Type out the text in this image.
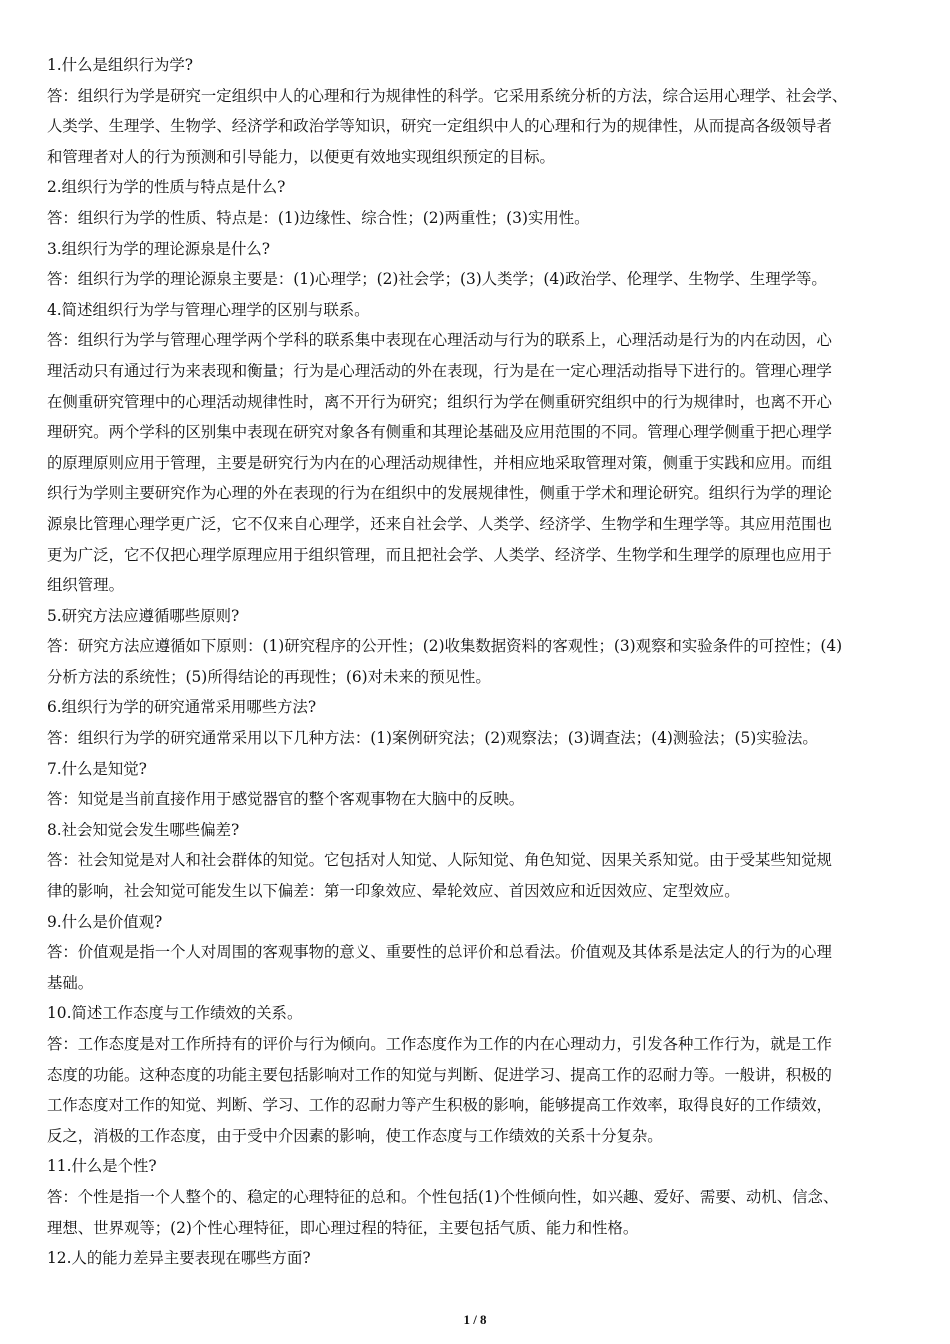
1.什么是组织行为学?

答：组织行为学是研究一定组织中人的心理和行为规律性的科学。它采用系统分析的方法，综合运用心理学、社会学、

人类学、生理学、生物学、经济学和政治学等知识，研究一定组织中人的心理和行为的规律性，从而提高各级领导者

和管理者对人的行为预测和引导能力，以便更有效地实现组织预定的目标。

2.组织行为学的性质与特点是什么?

答：组织行为学的性质、特点是：(1)边缘性、综合性；(2)两重性；(3)实用性。

3.组织行为学的理论源泉是什么?

答：组织行为学的理论源泉主要是：(1)心理学；(2)社会学；(3)人类学；(4)政治学、伦理学、生物学、生理学等。

4.简述组织行为学与管理心理学的区别与联系。

答：组织行为学与管理心理学两个学科的联系集中表现在心理活动与行为的联系上，心理活动是行为的内在动因，心

理活动只有通过行为来表现和衡量；行为是心理活动的外在表现，行为是在一定心理活动指导下进行的。管理心理学

在侧重研究管理中的心理活动规律性时，离不开行为研究；组织行为学在侧重研究组织中的行为规律时，也离不开心

理研究。两个学科的区别集中表现在研究对象各有侧重和其理论基础及应用范围的不同。管理心理学侧重于把心理学

的原理原则应用于管理，主要是研究行为内在的心理活动规律性，并相应地采取管理对策，侧重于实践和应用。而组

织行为学则主要研究作为心理的外在表现的行为在组织中的发展规律性，侧重于学术和理论研究。组织行为学的理论

源泉比管理心理学更广泛，它不仅来自心理学，还来自社会学、人类学、经济学、生物学和生理学等。其应用范围也

更为广泛，它不仅把心理学原理应用于组织管理，而且把社会学、人类学、经济学、生物学和生理学的原理也应用于

组织管理。

5.研究方法应遵循哪些原则?

答：研究方法应遵循如下原则：(1)研究程序的公开性；(2)收集数据资料的客观性；(3)观察和实验条件的可控性；(4)

分析方法的系统性；(5)所得结论的再现性；(6)对未来的预见性。

6.组织行为学的研究通常采用哪些方法?

答：组织行为学的研究通常采用以下几种方法：(1)案例研究法；(2)观察法；(3)调查法；(4)测验法；(5)实验法。

7.什么是知觉?

答：知觉是当前直接作用于感觉器官的整个客观事物在大脑中的反映。

8.社会知觉会发生哪些偏差?

答：社会知觉是对人和社会群体的知觉。它包括对人知觉、人际知觉、角色知觉、因果关系知觉。由于受某些知觉规

律的影响，社会知觉可能发生以下偏差：第一印象效应、晕轮效应、首因效应和近因效应、定型效应。

9.什么是价值观?

答：价值观是指一个人对周围的客观事物的意义、重要性的总评价和总看法。价值观及其体系是法定人的行为的心理

基础。

10.简述工作态度与工作绩效的关系。

答：工作态度是对工作所持有的评价与行为倾向。工作态度作为工作的内在心理动力，引发各种工作行为，就是工作

态度的功能。这种态度的功能主要包括影响对工作的知觉与判断、促进学习、提高工作的忍耐力等。一般讲，积极的

工作态度对工作的知觉、判断、学习、工作的忍耐力等产生积极的影响，能够提高工作效率，取得良好的工作绩效，

反之，消极的工作态度，由于受中介因素的影响，使工作态度与工作绩效的关系十分复杂。

11.什么是个性?

答：个性是指一个人整个的、稳定的心理特征的总和。个性包括(1)个性倾向性，如兴趣、爱好、需要、动机、信念、

理想、世界观等；(2)个性心理特征，即心理过程的特征，主要包括气质、能力和性格。

12.人的能力差异主要表现在哪些方面?

1 / 8
